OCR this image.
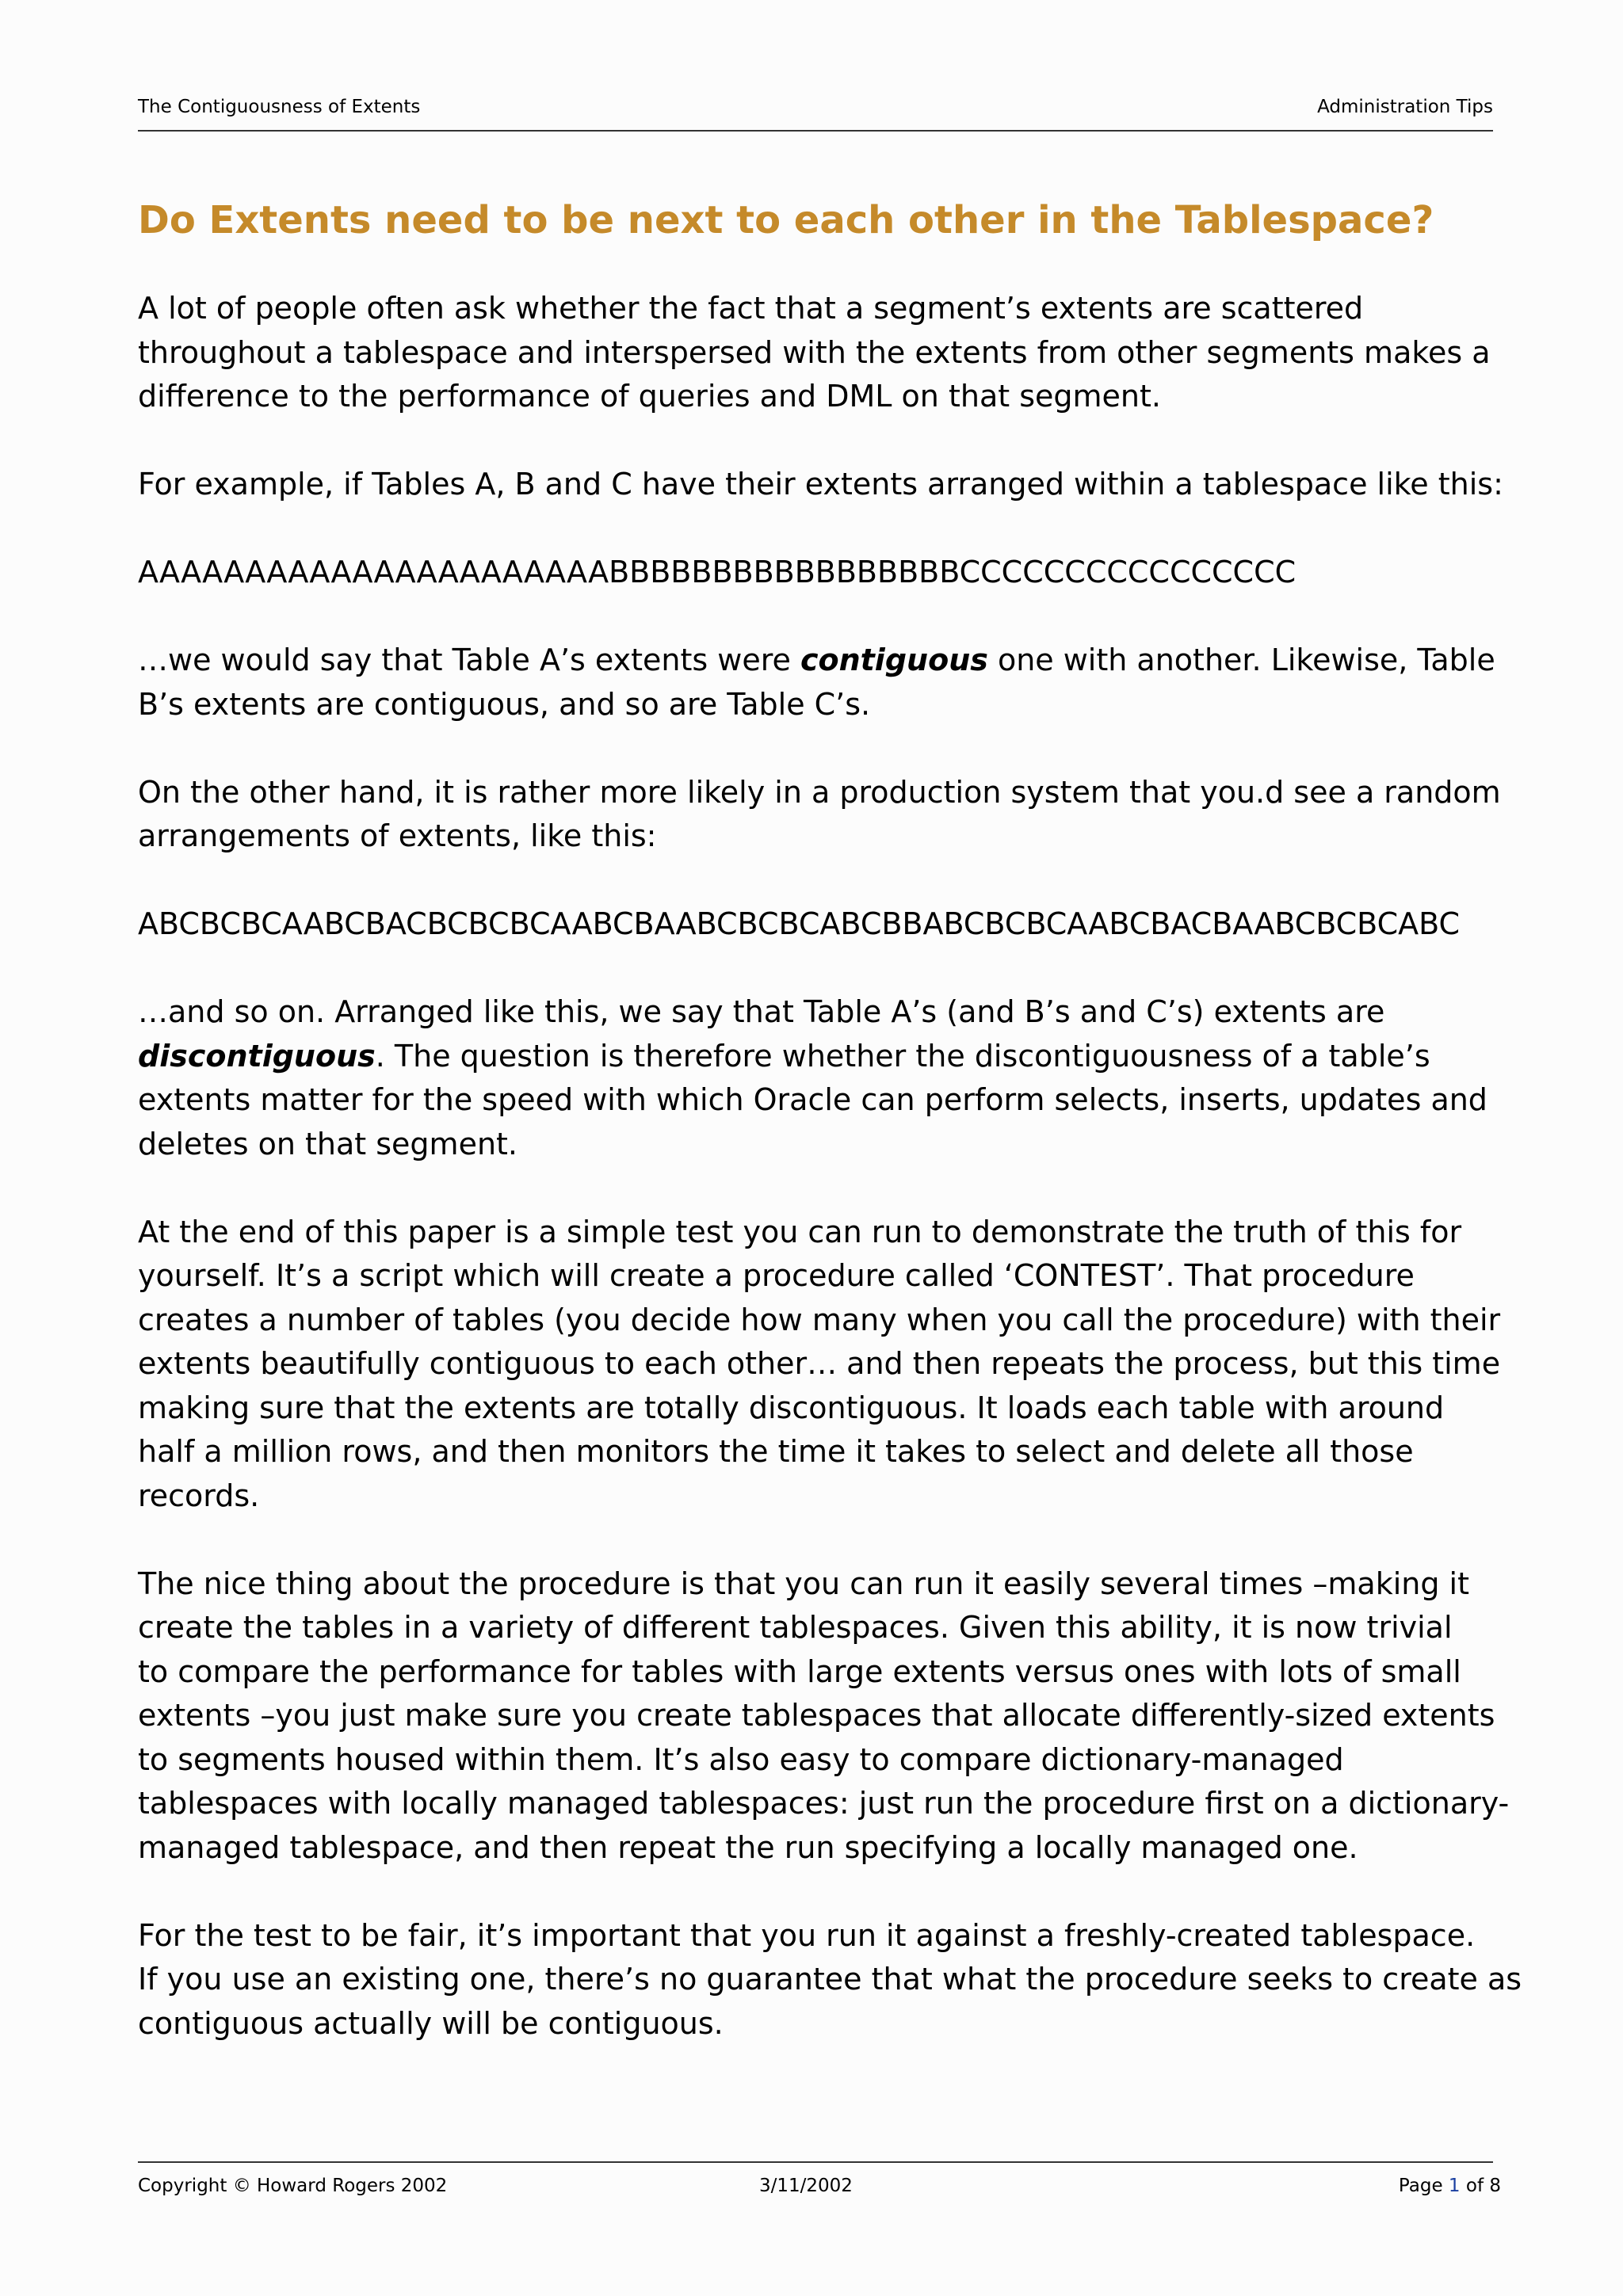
The Contiguousness of Extents	Administration Tips
Do Extents need to be next to each other in the Tablespace?

A lot of people often ask whether the fact that a segment’s extents are scattered
throughout a tablespace and interspersed with the extents from other segments makes a
difference to the performance of queries and DML on that segment.

For example, if Tables A, B and C have their extents arranged within a tablespace like this:

AAAAAAAAAAAAAAAAAAAAAABBBBBBBBBBBBBBBBBCCCCCCCCCCCCCCCC

…we would say that Table A’s extents were contiguous one with another. Likewise, Table
B’s extents are contiguous, and so are Table C’s.

On the other hand, it is rather more likely in a production system that you.d see a random
arrangements of extents, like this:

ABCBCBCAABCBACBCBCBCAABCBAABCBCBCABCBBABCBCBCAABCBACBAABCBCBCABC

…and so on. Arranged like this, we say that Table A’s (and B’s and C’s) extents are
discontiguous. The question is therefore whether the discontiguousness of a table’s
extents matter for the speed with which Oracle can perform selects, inserts, updates and
deletes on that segment.

At the end of this paper is a simple test you can run to demonstrate the truth of this for
yourself. It’s a script which will create a procedure called ‘CONTEST’. That procedure
creates a number of tables (you decide how many when you call the procedure) with their
extents beautifully contiguous to each other… and then repeats the process, but this time
making sure that the extents are totally discontiguous. It loads each table with around
half a million rows, and then monitors the time it takes to select and delete all those
records.

The nice thing about the procedure is that you can run it easily several times –making it
create the tables in a variety of different tablespaces. Given this ability, it is now trivial
to compare the performance for tables with large extents versus ones with lots of small
extents –you just make sure you create tablespaces that allocate differently-sized extents
to segments housed within them. It’s also easy to compare dictionary-managed
tablespaces with locally managed tablespaces: just run the procedure first on a dictionary-
managed tablespace, and then repeat the run specifying a locally managed one.

For the test to be fair, it’s important that you run it against a freshly-created tablespace.
If you use an existing one, there’s no guarantee that what the procedure seeks to create as
contiguous actually will be contiguous.

Copyright © Howard Rogers 2002	3/11/2002	Page 1 of 8
